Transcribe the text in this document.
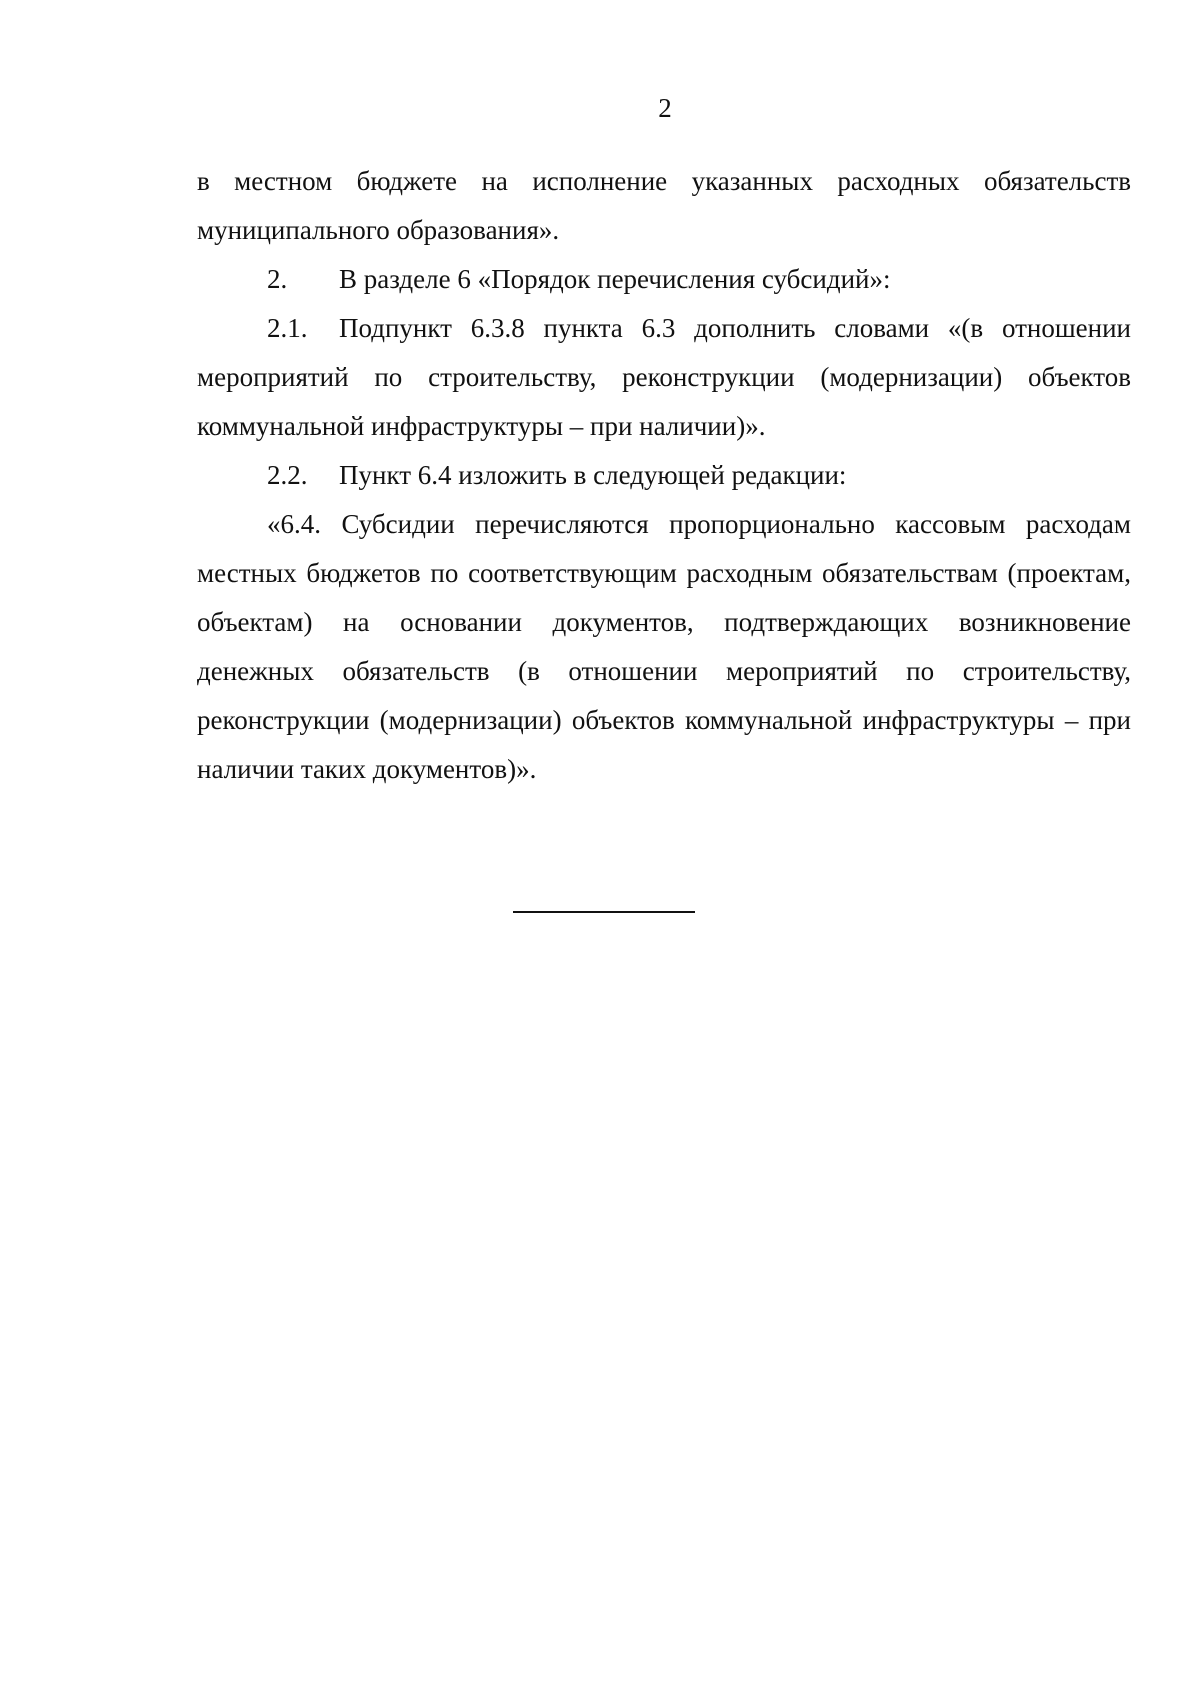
2

в местном бюджете на исполнение указанных расходных обязательств муниципального образования».

2. В разделе 6 «Порядок перечисления субсидий»:

2.1. Подпункт 6.3.8 пункта 6.3 дополнить словами «(в отношении мероприятий по строительству, реконструкции (модернизации) объектов коммунальной инфраструктуры – при наличии)».

2.2. Пункт 6.4 изложить в следующей редакции:

«6.4. Субсидии перечисляются пропорционально кассовым расходам местных бюджетов по соответствующим расходным обязательствам (проектам, объектам) на основании документов, подтверждающих возникновение денежных обязательств (в отношении мероприятий по строительству, реконструкции (модернизации) объектов коммунальной инфраструктуры – при наличии таких документов)».
